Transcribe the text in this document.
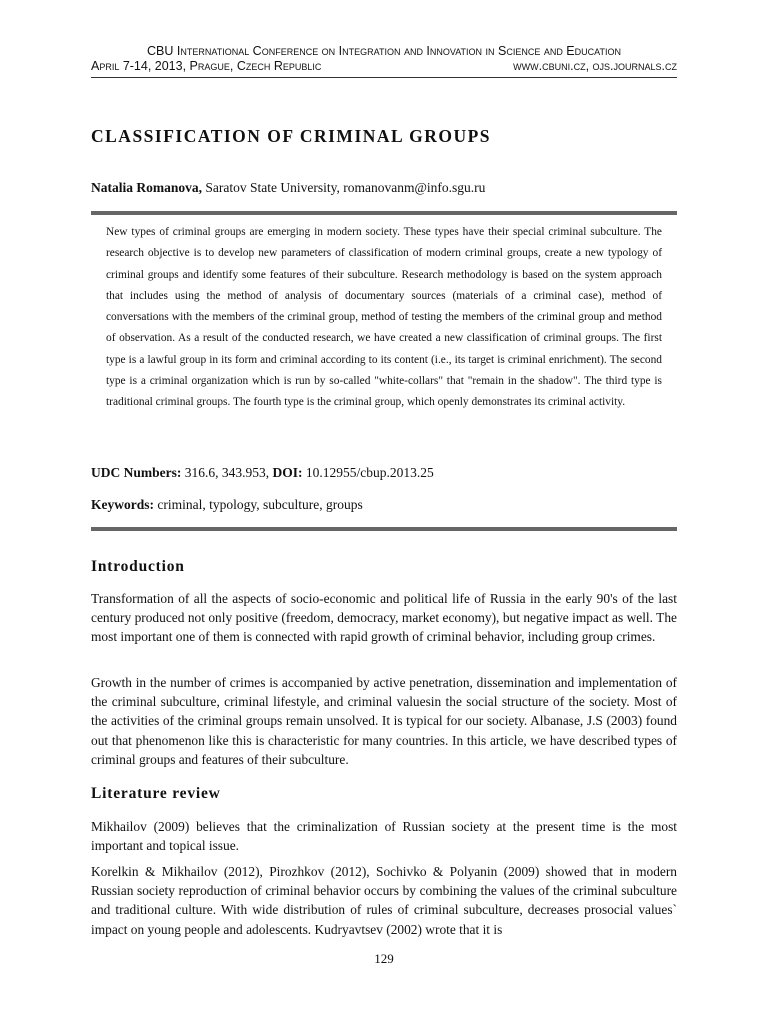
CBU International Conference on Integration and Innovation in Science and Education
April 7-14, 2013, Prague, Czech Republic	www.cbuni.cz, ojs.journals.cz
CLASSIFICATION OF CRIMINAL GROUPS
Natalia Romanova, Saratov State University, romanovanm@info.sgu.ru
New types of criminal groups are emerging in modern society. These types have their special criminal subculture. The research objective is to develop new parameters of classification of modern criminal groups, create a new typology of criminal groups and identify some features of their subculture. Research methodology is based on the system approach that includes using the method of analysis of documentary sources (materials of a criminal case), method of conversations with the members of the criminal group, method of testing the members of the criminal group and method of observation. As a result of the conducted research, we have created a new classification of criminal groups. The first type is a lawful group in its form and criminal according to its content (i.e., its target is criminal enrichment). The second type is a criminal organization which is run by so-called "white-collars" that "remain in the shadow". The third type is traditional criminal groups. The fourth type is the criminal group, which openly demonstrates its criminal activity.
UDC Numbers: 316.6, 343.953, DOI: 10.12955/cbup.2013.25
Keywords: criminal, typology, subculture, groups
Introduction
Transformation of all the aspects of socio-economic and political life of Russia in the early 90's of the last century produced not only positive (freedom, democracy, market economy), but negative impact as well. The most important one of them is connected with rapid growth of criminal behavior, including group crimes.
Growth in the number of crimes is accompanied by active penetration, dissemination and implementation of the criminal subculture, criminal lifestyle, and criminal valuesin the social structure of the society. Most of the activities of the criminal groups remain unsolved. It is typical for our society. Albanase, J.S (2003) found out that phenomenon like this is characteristic for many countries. In this article, we have described types of criminal groups and features of their subculture.
Literature review
Mikhailov (2009) believes that the criminalization of Russian society at the present time is the most important and topical issue.
Korelkin & Mikhailov (2012), Pirozhkov (2012), Sochivko & Polyanin (2009) showed that in modern Russian society reproduction of criminal behavior occurs by combining the values of the criminal subculture and traditional culture. With wide distribution of rules of criminal subculture, decreases prosocial values` impact on young people and adolescents. Kudryavtsev (2002) wrote that it is
129
